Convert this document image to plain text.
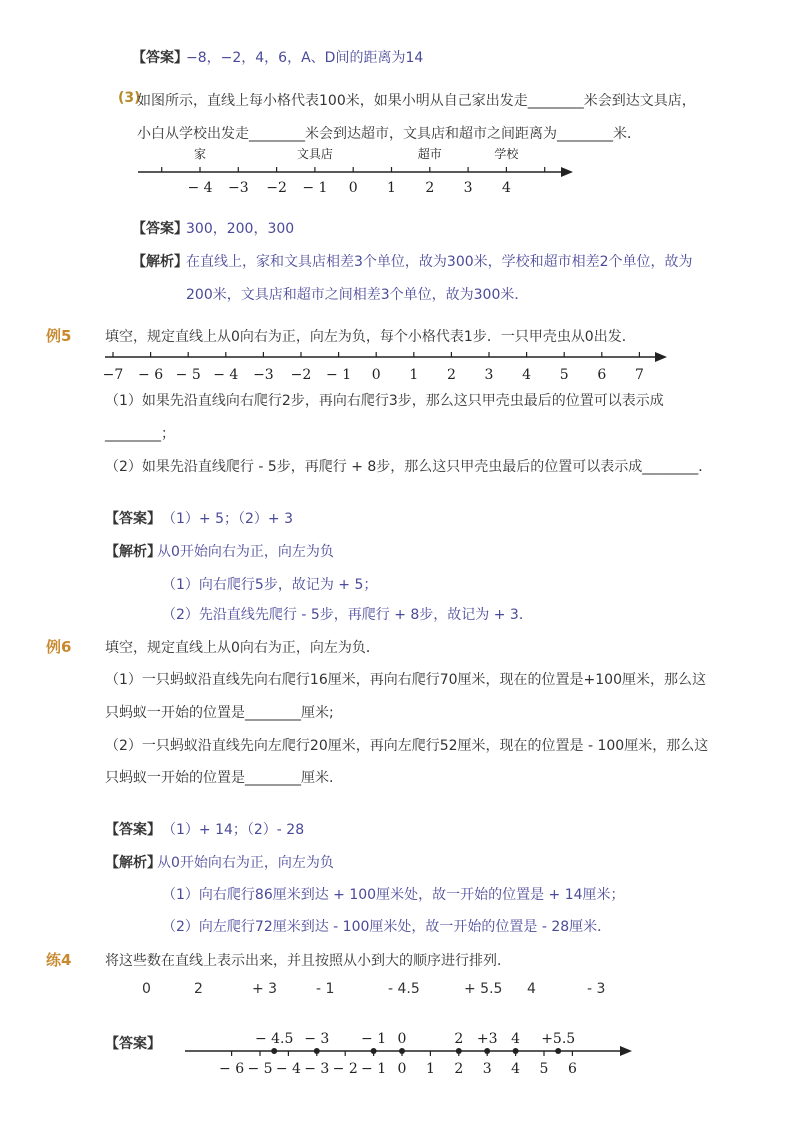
【答案】
−8，−2，4，6，A、D间的距离为14
(3)
如图所示，直线上每小格代表100米，如果小明从自己家出发走________米会到达文具店，
小白从学校出发走________米会到达超市，文具店和超市之间距离为________米．
− 4 −3 −2 − 1 0 1 2 3 4
家	文具店	超市	学校
【答案】
300，200，300
【解析】
在直线上，家和文具店相差3个单位，故为300米，学校和超市相差2个单位，故为
200米，文具店和超市之间相差3个单位，故为300米．
例5 填空，规定直线上从0向右为正，向左为负，每个小格代表1步．一只甲壳虫从0出发．
−7 − 6 − 5 − 4 −3 −2 − 1 0 1 2 3 4 5 6 7
（1）如果先沿直线向右爬行2步，再向右爬行3步，那么这只甲壳虫最后的位置可以表示成
________；
（2）如果先沿直线爬行 - 5步，再爬行 + 8步，那么这只甲壳虫最后的位置可以表示成________．
【答案】 （1）+ 5；（2）+ 3
【解析】
从0开始向右为正，向左为负
（1）向右爬行5步，故记为 + 5；
（2）先沿直线先爬行 - 5步，再爬行 + 8步，故记为 + 3．
例6 填空，规定直线上从0向右为正，向左为负．
（1）一只蚂蚁沿直线先向右爬行16厘米，再向右爬行70厘米，现在的位置是+100厘米，那么这
只蚂蚁一开始的位置是________厘米;
（2）一只蚂蚁沿直线先向左爬行20厘米，再向左爬行52厘米，现在的位置是 - 100厘米，那么这
只蚂蚁一开始的位置是________厘米.
【答案】 （1）+ 14；（2）- 28
【解析】
从0开始向右为正，向左为负
（1）向右爬行86厘米到达 + 100厘米处，故一开始的位置是 + 14厘米；
（2）向左爬行72厘米到达 - 100厘米处，故一开始的位置是 - 28厘米．
练4 将这些数在直线上表示出来，并且按照从小到大的顺序进行排列．
0	2	+ 3	- 1	- 4.5	+ 5.5 4	- 3
【答案】
− 6 − 5 − 4 − 3 − 2 − 1 0 1 2 3 4 5 6
− 4.5 − 3 − 1 0	2 +3 4 +5.5
